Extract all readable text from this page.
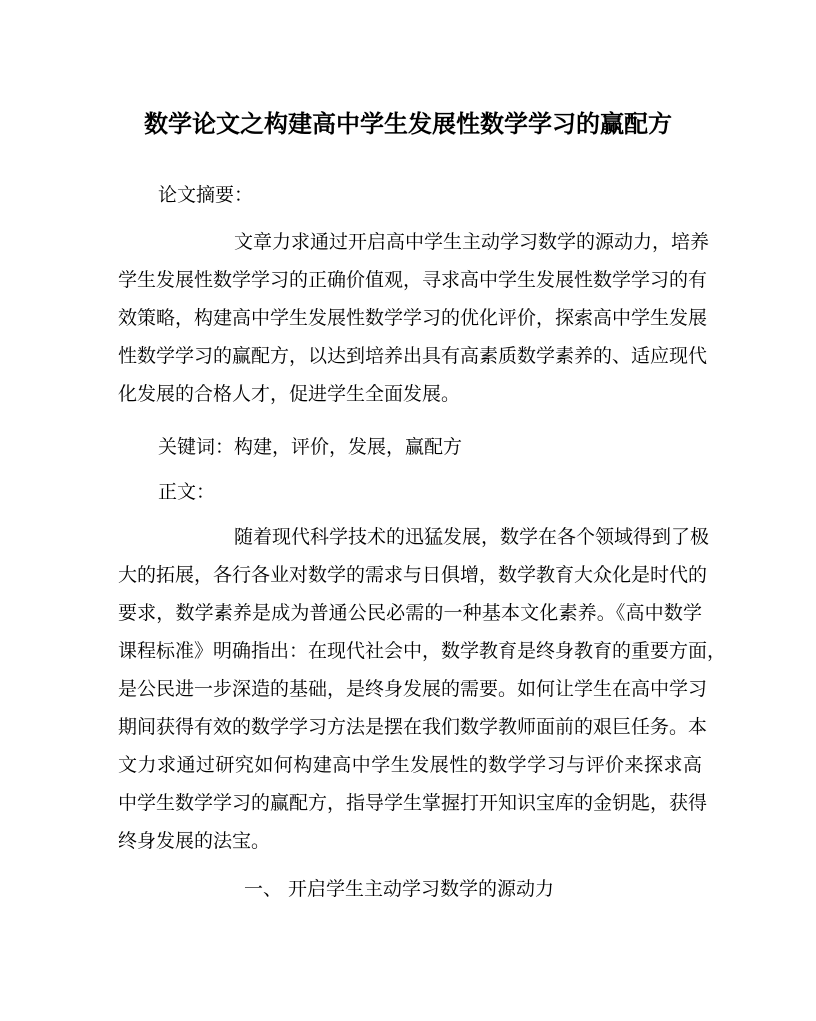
数学论文之构建高中学生发展性数学学习的赢配方
论文摘要：
文章力求通过开启高中学生主动学习数学的源动力，培养
学生发展性数学学习的正确价值观，寻求高中学生发展性数学学习的有
效策略，构建高中学生发展性数学学习的优化评价，探索高中学生发展
性数学学习的赢配方，以达到培养出具有高素质数学素养的、适应现代
化发展的合格人才，促进学生全面发展。
关键词：构建，评价，发展，赢配方
正文：
随着现代科学技术的迅猛发展，数学在各个领域得到了极
大的拓展，各行各业对数学的需求与日俱增，数学教育大众化是时代的
要求，数学素养是成为普通公民必需的一种基本文化素养。《高中数学
课程标准》明确指出：在现代社会中，数学教育是终身教育的重要方面，
是公民进一步深造的基础，是终身发展的需要。如何让学生在高中学习
期间获得有效的数学学习方法是摆在我们数学教师面前的艰巨任务。本
文力求通过研究如何构建高中学生发展性的数学学习与评价来探求高
中学生数学学习的赢配方，指导学生掌握打开知识宝库的金钥匙，获得
终身发展的法宝。
一、 开启学生主动学习数学的源动力
